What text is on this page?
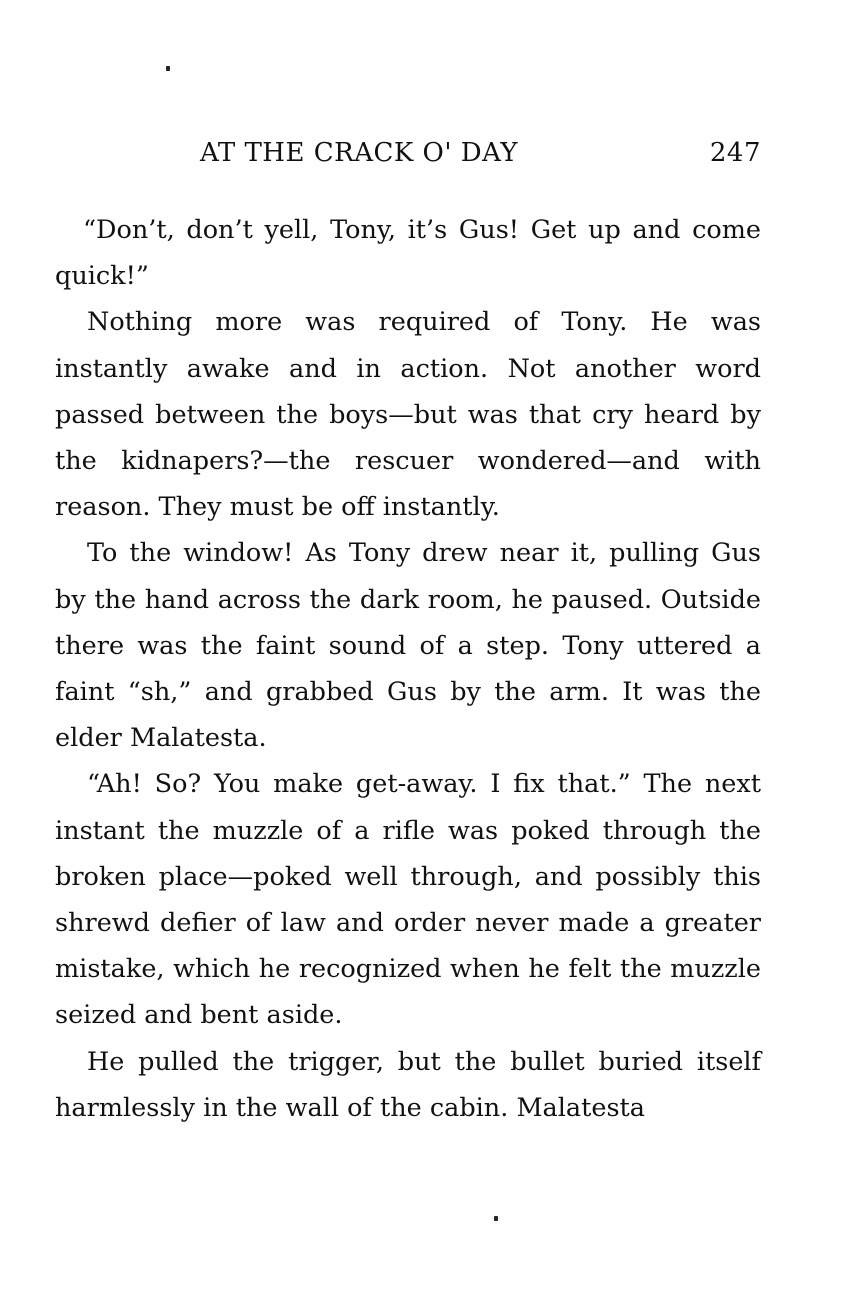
AT THE CRACK O' DAY	247

“Don’t, don’t yell, Tony, it’s Gus! Get up and come quick!”

Nothing more was required of Tony. He was instantly awake and in action. Not another word passed between the boys—but was that cry heard by the kidnapers?—the rescuer wondered—and with reason. They must be off instantly.

To the window! As Tony drew near it, pulling Gus by the hand across the dark room, he paused. Outside there was the faint sound of a step. Tony uttered a faint “sh,” and grabbed Gus by the arm. It was the elder Malatesta.

“Ah! So? You make get-away. I fix that.” The next instant the muzzle of a rifle was poked through the broken place—poked well through, and possibly this shrewd defier of law and order never made a greater mistake, which he recognized when he felt the muzzle seized and bent aside.

He pulled the trigger, but the bullet buried itself harmlessly in the wall of the cabin. Malatesta
